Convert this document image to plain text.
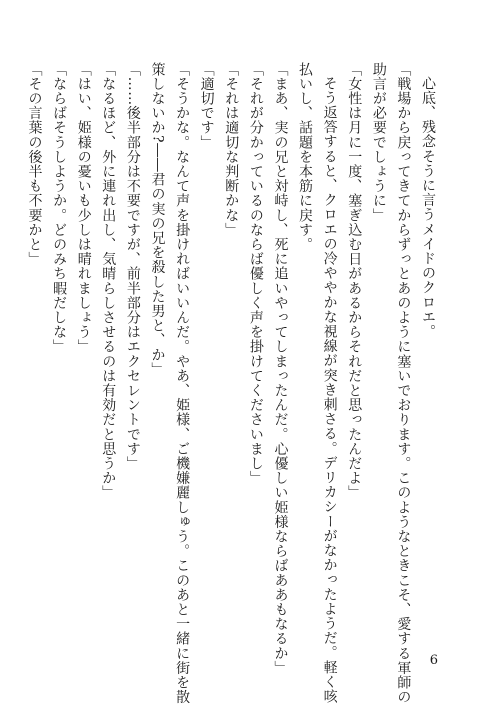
心底、残念そうに言うメイドのクロエ。
「戦場から戻ってきてからずっとあのように塞いでおります。このようなときこそ、愛する軍師の
助言が必要でしょうに」
「女性は月に一度、塞ぎ込む日があるからそれだと思ったんだよ」
そう返答すると、クロエの冷ややかな視線が突き刺さる。デリカシーがなかったようだ。軽く咳
払いし、話題を本筋に戻す。
「まあ、実の兄と対峙し、死に追いやってしまったんだ。心優しい姫様ならばああもなるか」
「それが分かっているのならば優しく声を掛けてくださいまし」
「それは適切な判断かな」
「適切です」
「そうかな。なんて声を掛ければいいんだ。やあ、姫様、ご機嫌麗しゅう。このあと一緒に街を散
策しないか?――君の実の兄を殺した男と、か」
「……後半部分は不要ですが、前半部分はエクセレントです」
「なるほど、外に連れ出し、気晴らしさせるのは有効だと思うか」
「はい、姫様の憂いも少しは晴れましょう」
「ならばそうしようか。どのみち暇だしな」
「その言葉の後半も不要かと」
6
